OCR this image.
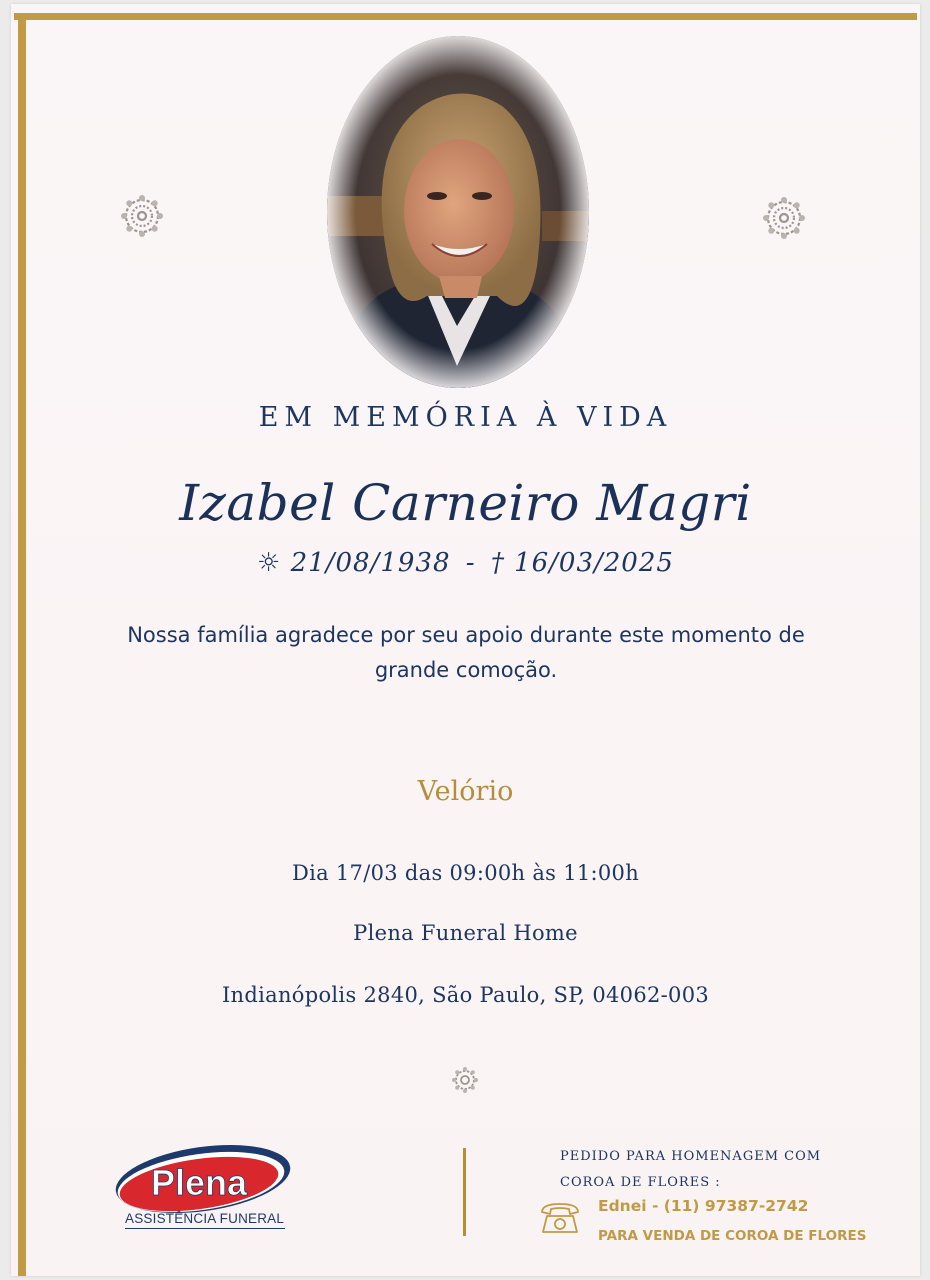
EM MEMÓRIA À VIDA
Izabel Carneiro Magri
☼ 21/08/1938 - † 16/03/2025
Nossa família agradece por seu apoio durante este momento de
grande comoção.
Velório
Dia 17/03 das 09:00h às 11:00h
Plena Funeral Home
Indianópolis 2840, São Paulo, SP, 04062-003
Plena
ASSISTÊNCIA FUNERAL
PEDIDO PARA HOMENAGEM COM
COROA DE FLORES :
Ednei - (11) 97387-2742
PARA VENDA DE COROA DE FLORES
